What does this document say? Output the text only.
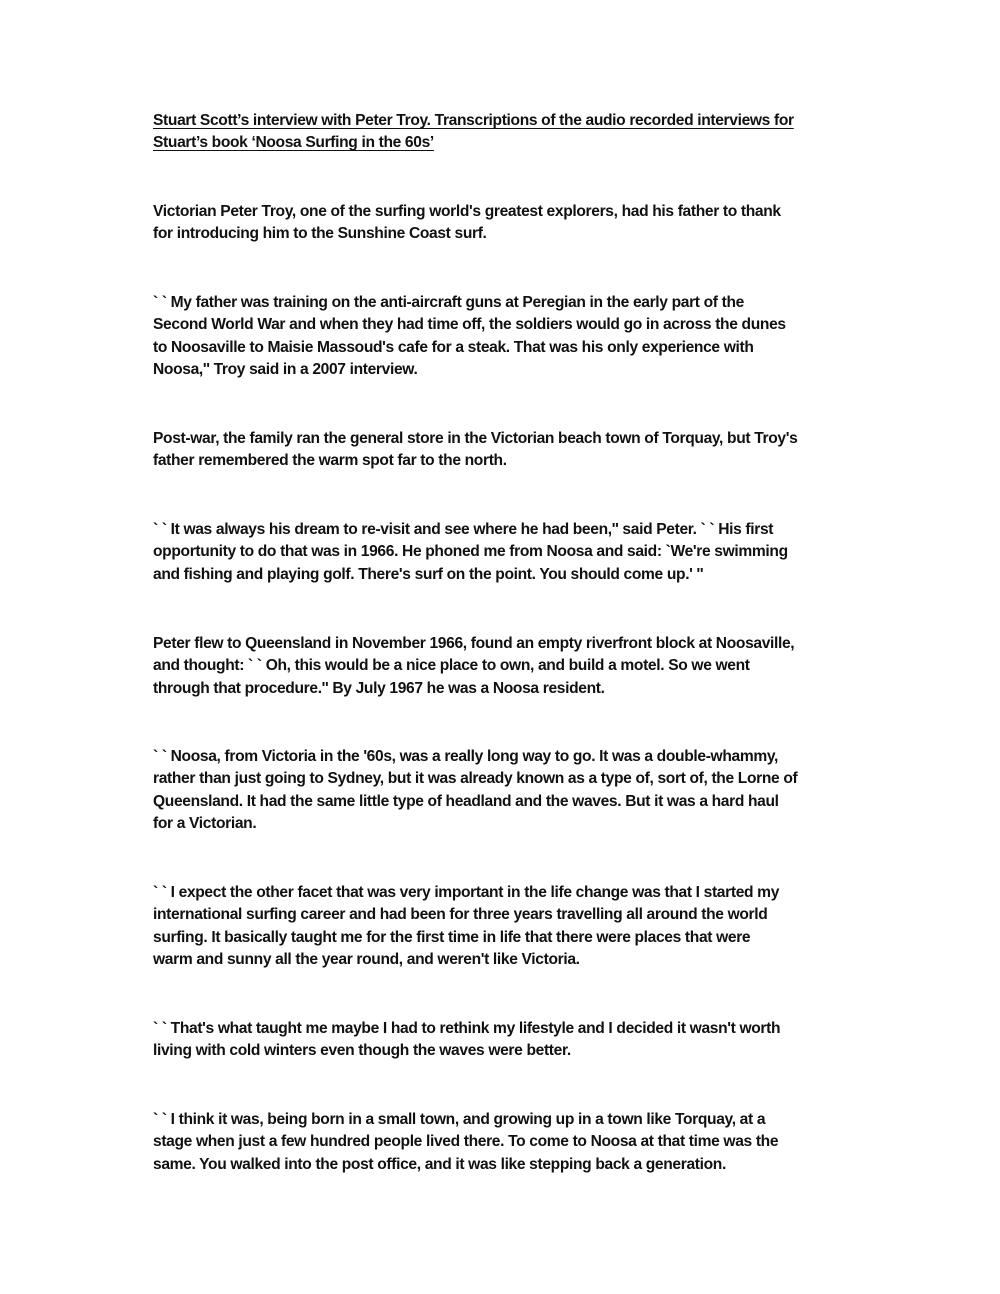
Stuart Scott’s interview with Peter Troy. Transcriptions of the audio recorded interviews for
Stuart’s book ‘Noosa Surfing in the 60s’
Victorian Peter Troy, one of the surfing world's greatest explorers, had his father to thank
for introducing him to the Sunshine Coast surf.
` ` My father was training on the anti-aircraft guns at Peregian in the early part of the
Second World War and when they had time off, the soldiers would go in across the dunes
to Noosaville to Maisie Massoud's cafe for a steak. That was his only experience with
Noosa,'' Troy said in a 2007 interview.
Post-war, the family ran the general store in the Victorian beach town of Torquay, but Troy's
father remembered the warm spot far to the north.
` ` It was always his dream to re-visit and see where he had been,'' said Peter. ` ` His first
opportunity to do that was in 1966. He phoned me from Noosa and said: `We're swimming
and fishing and playing golf. There's surf on the point. You should come up.' ''
Peter flew to Queensland in November 1966, found an empty riverfront block at Noosaville,
and thought: ` ` Oh, this would be a nice place to own, and build a motel. So we went
through that procedure.'' By July 1967 he was a Noosa resident.
` ` Noosa, from Victoria in the '60s, was a really long way to go. It was a double-whammy,
rather than just going to Sydney, but it was already known as a type of, sort of, the Lorne of
Queensland. It had the same little type of headland and the waves. But it was a hard haul
for a Victorian.
` ` I expect the other facet that was very important in the life change was that I started my
international surfing career and had been for three years travelling all around the world
surfing. It basically taught me for the first time in life that there were places that were
warm and sunny all the year round, and weren't like Victoria.
` ` That's what taught me maybe I had to rethink my lifestyle and I decided it wasn't worth
living with cold winters even though the waves were better.
` ` I think it was, being born in a small town, and growing up in a town like Torquay, at a
stage when just a few hundred people lived there. To come to Noosa at that time was the
same. You walked into the post office, and it was like stepping back a generation.
